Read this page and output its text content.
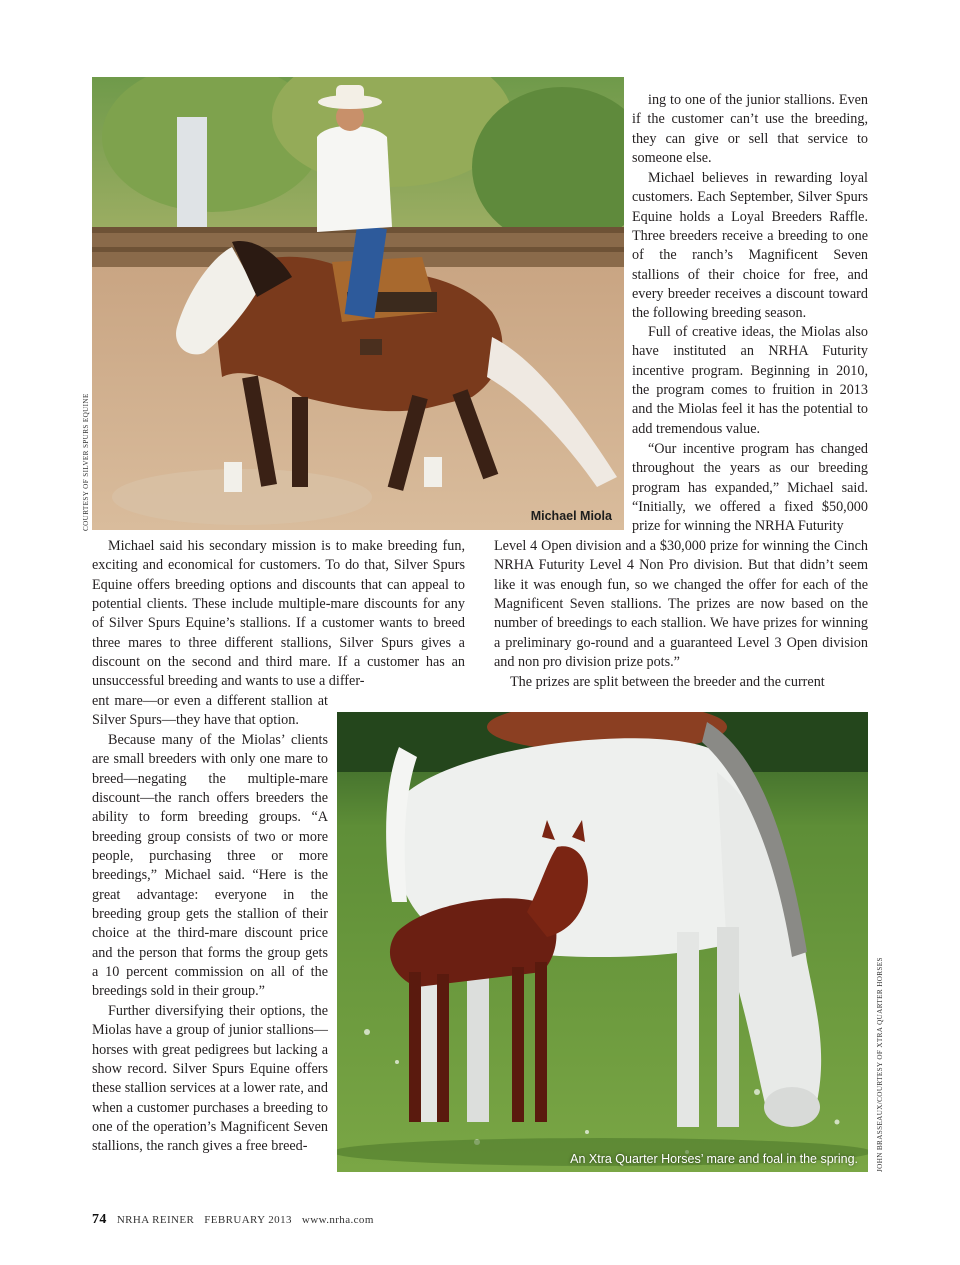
Michael Miola
COURTESY OF SILVER SPURS EQUINE

ing to one of the junior stallions. Even if the customer can’t use the breeding, they can give or sell that service to someone else.

Michael believes in rewarding loyal customers. Each September, Silver Spurs Equine holds a Loyal Breeders Raffle. Three breeders receive a breeding to one of the ranch’s Magnificent Seven stallions of their choice for free, and every breeder receives a discount toward the following breeding season.

Full of creative ideas, the Miolas also have instituted an NRHA Futurity incentive program. Beginning in 2010, the program comes to fruition in 2013 and the Miolas feel it has the potential to add tremendous value.

“Our incentive program has changed throughout the years as our breeding program has expanded,” Michael said. “Initially, we offered a fixed $50,000 prize for winning the NRHA Futurity

Level 4 Open division and a $30,000 prize for winning the Cinch NRHA Futurity Level 4 Non Pro division. But that didn’t seem like it was enough fun, so we changed the offer for each of the Magnificent Seven stallions. The prizes are now based on the number of breedings to each stallion. We have prizes for winning a preliminary go-round and a guaranteed Level 3 Open division and non pro division prize pots.”

The prizes are split between the breeder and the current

Michael said his secondary mission is to make breeding fun, exciting and economical for customers. To do that, Silver Spurs Equine offers breeding options and discounts that can appeal to potential clients. These include multiple-mare discounts for any of Silver Spurs Equine’s stallions. If a customer wants to breed three mares to three different stallions, Silver Spurs gives a discount on the second and third mare. If a customer has an unsuccessful breeding and wants to use a differ-

ent mare—or even a different stallion at Silver Spurs—they have that option.

Because many of the Miolas’ clients are small breeders with only one mare to breed—negating the multiple-mare discount—the ranch offers breeders the ability to form breeding groups. “A breeding group consists of two or more people, purchasing three or more breedings,” Michael said. “Here is the great advantage: everyone in the breeding group gets the stallion of their choice at the third-mare discount price and the person that forms the group gets a 10 percent commission on all of the breedings sold in their group.”

Further diversifying their options, the Miolas have a group of junior stallions—horses with great pedigrees but lacking a show record. Silver Spurs Equine offers these stallion services at a lower rate, and when a customer purchases a breeding to one of the operation’s Magnificent Seven stallions, the ranch gives a free breed-

An Xtra Quarter Horses’ mare and foal in the spring.	JOHN BRASSEAUX/COURTESY OF XTRA QUARTER HORSES
74 NRHA REINER FEBRUARY 2013 www.nrha.com
